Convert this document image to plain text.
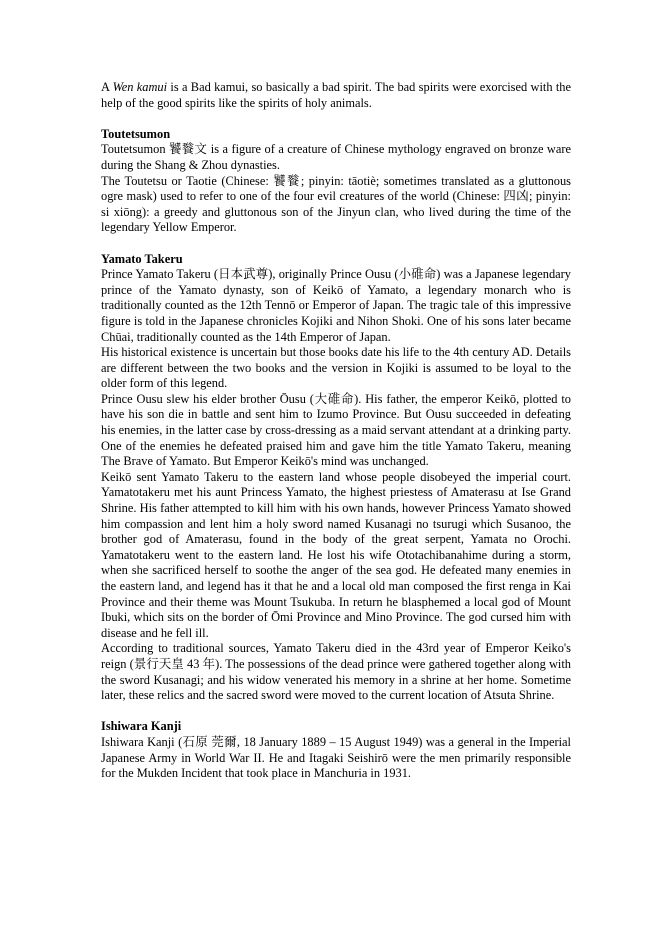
A Wen kamui is a Bad kamui, so basically a bad spirit. The bad spirits were exorcised with the help of the good spirits like the spirits of holy animals.

Toutetsumon

Toutetsumon 饕餮文 is a figure of a creature of Chinese mythology engraved on bronze ware during the Shang & Zhou dynasties.

The Toutetsu or Taotie (Chinese: 饕餮; pinyin: tāotiè; sometimes translated as a gluttonous ogre mask) used to refer to one of the four evil creatures of the world (Chinese: 四凶; pinyin: si xiōng): a greedy and gluttonous son of the Jinyun clan, who lived during the time of the legendary Yellow Emperor.

Yamato Takeru

Prince Yamato Takeru (日本武尊), originally Prince Ousu (小碓命) was a Japanese legendary prince of the Yamato dynasty, son of Keikō of Yamato, a legendary monarch who is traditionally counted as the 12th Tennō or Emperor of Japan. The tragic tale of this impressive figure is told in the Japanese chronicles Kojiki and Nihon Shoki. One of his sons later became Chūai, traditionally counted as the 14th Emperor of Japan.

His historical existence is uncertain but those books date his life to the 4th century AD. Details are different between the two books and the version in Kojiki is assumed to be loyal to the older form of this legend.

Prince Ousu slew his elder brother Ōusu (大碓命). His father, the emperor Keikō, plotted to have his son die in battle and sent him to Izumo Province. But Ousu succeeded in defeating his enemies, in the latter case by cross-dressing as a maid servant attendant at a drinking party. One of the enemies he defeated praised him and gave him the title Yamato Takeru, meaning The Brave of Yamato. But Emperor Keikō's mind was unchanged.

Keikō sent Yamato Takeru to the eastern land whose people disobeyed the imperial court. Yamatotakeru met his aunt Princess Yamato, the highest priestess of Amaterasu at Ise Grand Shrine. His father attempted to kill him with his own hands, however Princess Yamato showed him compassion and lent him a holy sword named Kusanagi no tsurugi which Susanoo, the brother god of Amaterasu, found in the body of the great serpent, Yamata no Orochi. Yamatotakeru went to the eastern land. He lost his wife Ototachibanahime during a storm, when she sacrificed herself to soothe the anger of the sea god. He defeated many enemies in the eastern land, and legend has it that he and a local old man composed the first renga in Kai Province and their theme was Mount Tsukuba. In return he blasphemed a local god of Mount Ibuki, which sits on the border of Ōmi Province and Mino Province. The god cursed him with disease and he fell ill.

According to traditional sources, Yamato Takeru died in the 43rd year of Emperor Keiko's reign (景行天皇 43 年). The possessions of the dead prince were gathered together along with the sword Kusanagi; and his widow venerated his memory in a shrine at her home. Sometime later, these relics and the sacred sword were moved to the current location of Atsuta Shrine.

Ishiwara Kanji

Ishiwara Kanji (石原 莞爾, 18 January 1889 – 15 August 1949) was a general in the Imperial Japanese Army in World War II. He and Itagaki Seishirō were the men primarily responsible for the Mukden Incident that took place in Manchuria in 1931.
